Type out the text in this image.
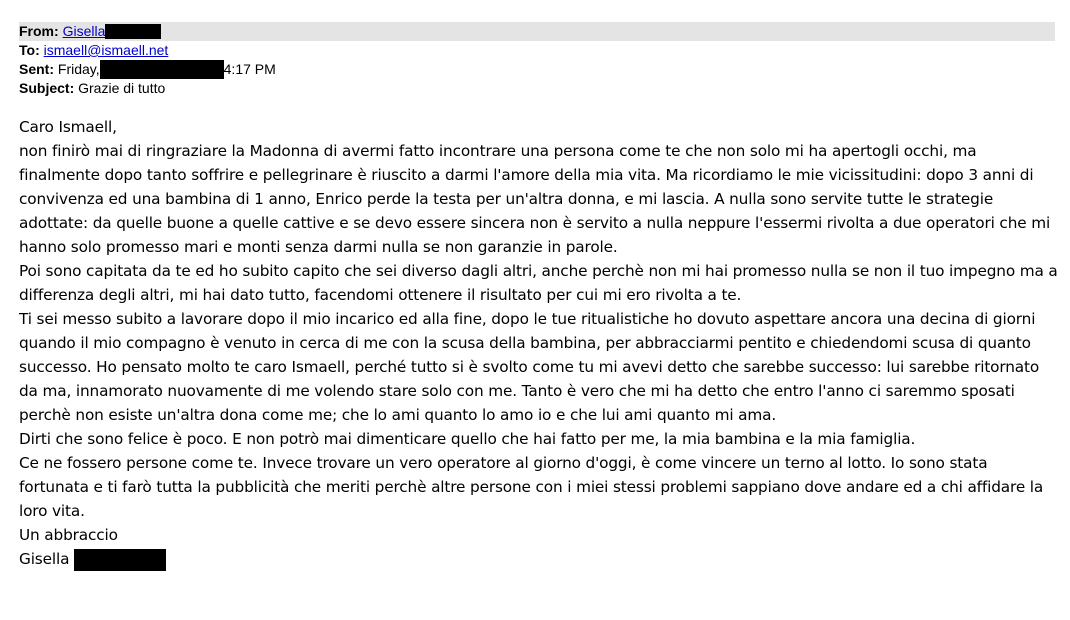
From: Gisella
To: ismaell@ismaell.net
Sent: Friday,	4:17 PM
Subject: Grazie di tutto

Caro Ismaell,

non finirò mai di ringraziare la Madonna di avermi fatto incontrare una persona come te che non solo mi ha apertogli occhi, ma finalmente dopo tanto soffrire e pellegrinare è riuscito a darmi l'amore della mia vita. Ma ricordiamo le mie vicissitudini: dopo 3 anni di convivenza ed una bambina di 1 anno, Enrico perde la testa per un'altra donna, e mi lascia. A nulla sono servite tutte le strategie adottate: da quelle buone a quelle cattive e se devo essere sincera non è servito a nulla neppure l'essermi rivolta a due operatori che mi hanno solo promesso mari e monti senza darmi nulla se non garanzie in parole.

Poi sono capitata da te ed ho subito capito che sei diverso dagli altri, anche perchè non mi hai promesso nulla se non il tuo impegno ma a differenza degli altri, mi hai dato tutto, facendomi ottenere il risultato per cui mi ero rivolta a te.

Ti sei messo subito a lavorare dopo il mio incarico ed alla fine, dopo le tue ritualistiche ho dovuto aspettare ancora una decina di giorni quando il mio compagno è venuto in cerca di me con la scusa della bambina, per abbracciarmi pentito e chiedendomi scusa di quanto successo. Ho pensato molto te caro Ismaell, perché tutto si è svolto come tu mi avevi detto che sarebbe successo: lui sarebbe ritornato da ma, innamorato nuovamente di me volendo stare solo con me. Tanto è vero che mi ha detto che entro l'anno ci saremmo sposati perchè non esiste un'altra dona come me; che lo ami quanto lo amo io e che lui ami quanto mi ama.

Dirti che sono felice è poco. E non potrò mai dimenticare quello che hai fatto per me, la mia bambina e la mia famiglia.

Ce ne fossero persone come te. Invece trovare un vero operatore al giorno d'oggi, è come vincere un terno al lotto. Io sono stata fortunata e ti farò tutta la pubblicità che meriti perchè altre persone con i miei stessi problemi sappiano dove andare ed a chi affidare la loro vita.

Un abbraccio

Gisella
